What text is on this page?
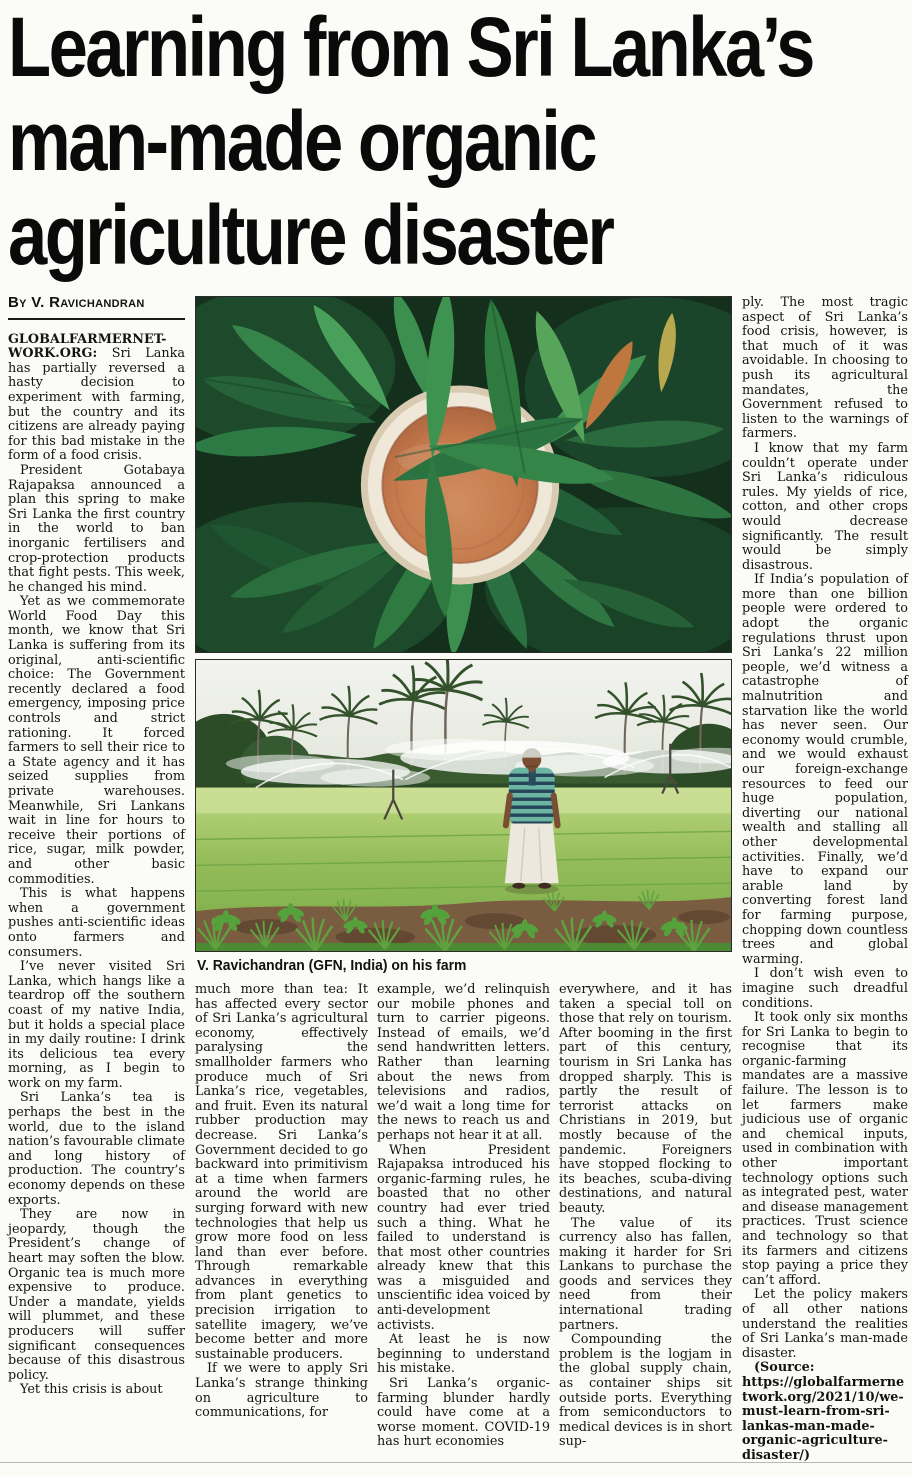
Learning from Sri Lanka’s
man-made organic
agriculture disaster
By V. Ravichandran

GLOBALFARMERNET-WORK.ORG: Sri Lanka has partially reversed a hasty decision to experiment with farming, but the country and its citizens are already paying for this bad mistake in the form of a food crisis.

President Gotabaya Rajapaksa announced a plan this spring to make Sri Lanka the first country in the world to ban inorganic fertilisers and crop-protection products that fight pests. This week, he changed his mind.

Yet as we commemorate World Food Day this month, we know that Sri Lanka is suffering from its original, anti-scientific choice: The Government recently declared a food emergency, imposing price controls and strict rationing. It forced farmers to sell their rice to a State agency and it has seized supplies from private warehouses. Meanwhile, Sri Lankans wait in line for hours to receive their portions of rice, sugar, milk powder, and other basic commodities.

This is what happens when a government pushes anti-scientific ideas onto farmers and consumers.

I’ve never visited Sri Lanka, which hangs like a teardrop off the southern coast of my native India, but it holds a special place in my daily routine: I drink its delicious tea every morning, as I begin to work on my farm.

Sri Lanka’s tea is perhaps the best in the world, due to the island nation’s favourable climate and long history of production. The country’s economy depends on these exports.

They are now in jeopardy, though the President’s change of heart may soften the blow. Organic tea is much more expensive to produce. Under a mandate, yields will plummet, and these producers will suffer significant consequences because of this disastrous policy.

Yet this crisis is about

V. Ravichandran (GFN, India) on his farm

much more than tea: It has affected every sector of Sri Lanka’s agricultural economy, effectively paralysing the smallholder farmers who produce much of Sri Lanka’s rice, vegetables, and fruit. Even its natural rubber production may decrease. Sri Lanka’s Government decided to go backward into primitivism at a time when farmers around the world are surging forward with new technologies that help us grow more food on less land than ever before. Through remarkable advances in everything from plant genetics to precision irrigation to satellite imagery, we’ve become better and more sustainable producers.

If we were to apply Sri Lanka’s strange thinking on agriculture to communications, for

example, we’d relinquish our mobile phones and turn to carrier pigeons. Instead of emails, we’d send handwritten letters. Rather than learning about the news from televisions and radios, we’d wait a long time for the news to reach us and perhaps not hear it at all.

When President Rajapaksa introduced his organic-farming rules, he boasted that no other country had ever tried such a thing. What he failed to understand is that most other countries already knew that this was a misguided and unscientific idea voiced by anti-development activists.

At least he is now beginning to understand his mistake.

Sri Lanka’s organic-farming blunder hardly could have come at a worse moment. COVID-19 has hurt economies

everywhere, and it has taken a special toll on those that rely on tourism. After booming in the first part of this century, tourism in Sri Lanka has dropped sharply. This is partly the result of terrorist attacks on Christians in 2019, but mostly because of the pandemic. Foreigners have stopped flocking to its beaches, scuba-diving destinations, and natural beauty.

The value of its currency also has fallen, making it harder for Sri Lankans to purchase the goods and services they need from their international trading partners.

Compounding the problem is the logjam in the global supply chain, as container ships sit outside ports. Everything from semiconductors to medical devices is in short sup-

ply. The most tragic aspect of Sri Lanka’s food crisis, however, is that much of it was avoidable. In choosing to push its agricultural mandates, the Government refused to listen to the warnings of farmers.

I know that my farm couldn’t operate under Sri Lanka’s ridiculous rules. My yields of rice, cotton, and other crops would decrease significantly. The result would be simply disastrous.

If India’s population of more than one billion people were ordered to adopt the organic regulations thrust upon Sri Lanka’s 22 million people, we’d witness a catastrophe of malnutrition and starvation like the world has never seen. Our economy would crumble, and we would exhaust our foreign-exchange resources to feed our huge population, diverting our national wealth and stalling all other developmental activities. Finally, we’d have to expand our arable land by converting forest land for farming purpose, chopping down countless trees and global warming.

I don’t wish even to imagine such dreadful conditions.

It took only six months for Sri Lanka to begin to recognise that its organic-farming mandates are a massive failure. The lesson is to let farmers make judicious use of organic and chemical inputs, used in combination with other important technology options such as integrated pest, water and disease management practices. Trust science and technology so that its farmers and citizens stop paying a price they can’t afford.

Let the policy makers of all other nations understand the realities of Sri Lanka’s man-made disaster.

(Source: https://globalfarmernetwork.org/2021/10/we-must-learn-from-sri-lankas-man-made-organic-agriculture-disaster/)
